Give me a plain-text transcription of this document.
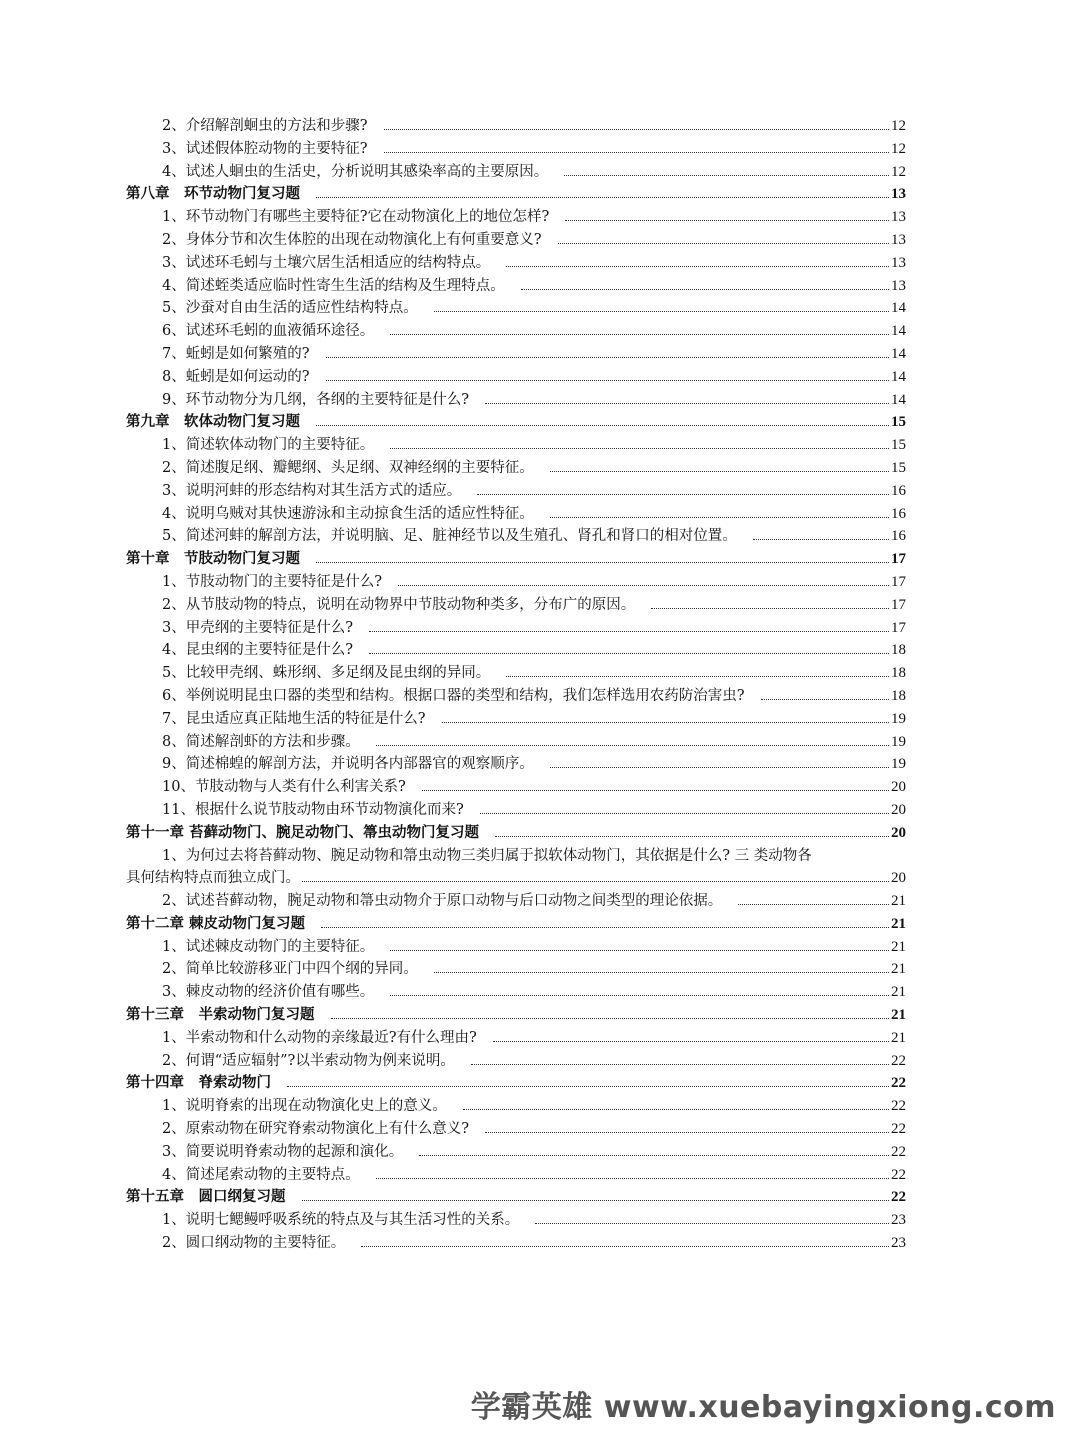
2、介绍解剖蛔虫的方法和步骤?	12
3、试述假体腔动物的主要特征?	12
4、试述人蛔虫的生活史，分析说明其感染率高的主要原因。	12
第八章　环节动物门复习题	13
1、环节动物门有哪些主要特征?它在动物演化上的地位怎样?	13
2、身体分节和次生体腔的出现在动物演化上有何重要意义?	13
3、试述环毛蚓与土壤穴居生活相适应的结构特点。	13
4、简述蛭类适应临时性寄生生活的结构及生理特点。	13
5、沙蚕对自由生活的适应性结构特点。	14
6、试述环毛蚓的血液循环途径。	14
7、蚯蚓是如何繁殖的?	14
8、蚯蚓是如何运动的?	14
9、环节动物分为几纲，各纲的主要特征是什么?	14
第九章　软体动物门复习题	15
1、简述软体动物门的主要特征。	15
2、简述腹足纲、瓣鳃纲、头足纲、双神经纲的主要特征。	15
3、说明河蚌的形态结构对其生活方式的适应。	16
4、说明乌贼对其快速游泳和主动掠食生活的适应性特征。	16
5、简述河蚌的解剖方法，并说明脑、足、脏神经节以及生殖孔、肾孔和肾口的相对位置。	16
第十章　节肢动物门复习题	17
1、节肢动物门的主要特征是什么?	17
2、从节肢动物的特点，说明在动物界中节肢动物种类多，分布广的原因。	17
3、甲壳纲的主要特征是什么?	17
4、昆虫纲的主要特征是什么?	18
5、比较甲壳纲、蛛形纲、多足纲及昆虫纲的异同。	18
6、举例说明昆虫口器的类型和结构。根据口器的类型和结构，我们怎样选用农药防治害虫?	18
7、昆虫适应真正陆地生活的特征是什么?	19
8、简述解剖虾的方法和步骤。	19
9、简述棉蝗的解剖方法，并说明各内部器官的观察顺序。	19
10、节肢动物与人类有什么利害关系?	20
11、根据什么说节肢动物由环节动物演化而来?	20
第十一章 苔藓动物门、腕足动物门、箒虫动物门复习题	20
1、为何过去将苔藓动物、腕足动物和箒虫动物三类归属于拟软体动物门，其依据是什么? 三 类动物各
具何结构特点而独立成门。	20
2、试述苔藓动物，腕足动物和箒虫动物介于原口动物与后口动物之间类型的理论依据。	21
第十二章 棘皮动物门复习题	21
1、试述棘皮动物门的主要特征。	21
2、简单比较游移亚门中四个纲的异同。	21
3、棘皮动物的经济价值有哪些。	21
第十三章　半索动物门复习题	21
1、半索动物和什么动物的亲缘最近?有什么理由?	21
2、何谓“适应辐射”?以半索动物为例来说明。	22
第十四章　脊索动物门	22
1、说明脊索的出现在动物演化史上的意义。	22
2、原索动物在研究脊索动物演化上有什么意义?	22
3、简要说明脊索动物的起源和演化。	22
4、简述尾索动物的主要特点。	22
第十五章　圆口纲复习题	22
1、说明七鳃鳗呼吸系统的特点及与其生活习性的关系。	23
2、圆口纲动物的主要特征。	23
学霸英雄 www.xuebayingxiong.com
